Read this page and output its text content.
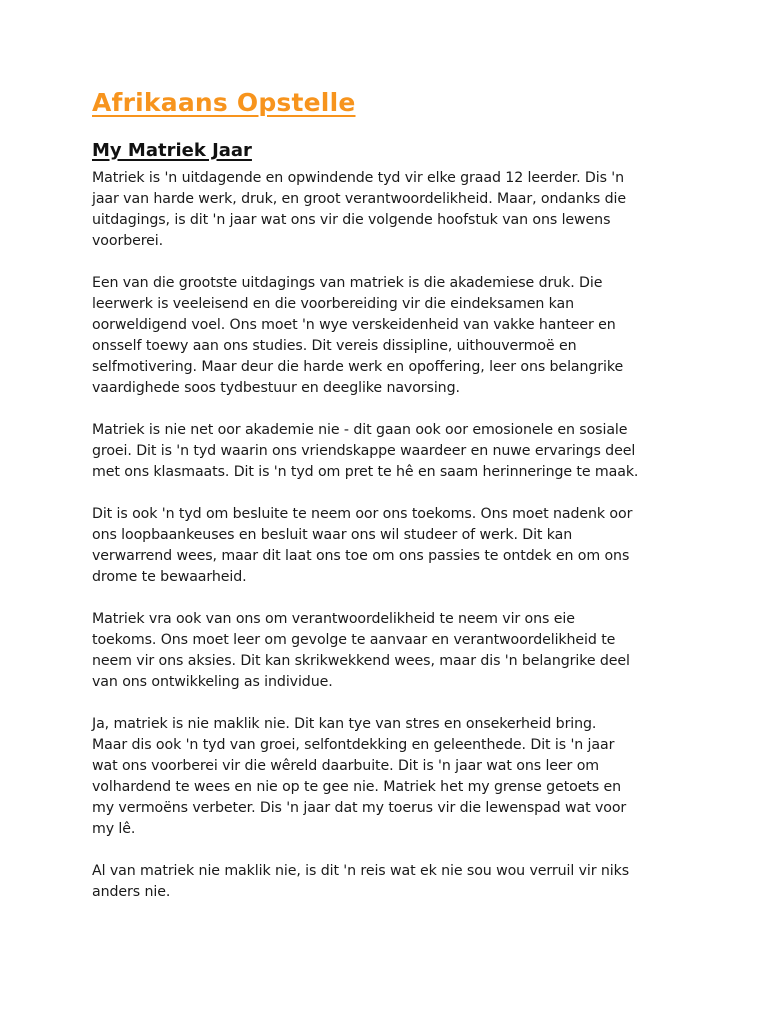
Afrikaans Opstelle
My Matriek Jaar

Matriek is 'n uitdagende en opwindende tyd vir elke graad 12 leerder. Dis 'n
jaar van harde werk, druk, en groot verantwoordelikheid. Maar, ondanks die
uitdagings, is dit 'n jaar wat ons vir die volgende hoofstuk van ons lewens
voorberei.

Een van die grootste uitdagings van matriek is die akademiese druk. Die
leerwerk is veeleisend en die voorbereiding vir die eindeksamen kan
oorweldigend voel. Ons moet 'n wye verskeidenheid van vakke hanteer en
onsself toewy aan ons studies. Dit vereis dissipline, uithouvermoë en
selfmotivering. Maar deur die harde werk en opoffering, leer ons belangrike
vaardighede soos tydbestuur en deeglike navorsing.

Matriek is nie net oor akademie nie - dit gaan ook oor emosionele en sosiale
groei. Dit is 'n tyd waarin ons vriendskappe waardeer en nuwe ervarings deel
met ons klasmaats. Dit is 'n tyd om pret te hê en saam herinneringe te maak.

Dit is ook 'n tyd om besluite te neem oor ons toekoms. Ons moet nadenk oor
ons loopbaankeuses en besluit waar ons wil studeer of werk. Dit kan
verwarrend wees, maar dit laat ons toe om ons passies te ontdek en om ons
drome te bewaarheid.

Matriek vra ook van ons om verantwoordelikheid te neem vir ons eie
toekoms. Ons moet leer om gevolge te aanvaar en verantwoordelikheid te
neem vir ons aksies. Dit kan skrikwekkend wees, maar dis 'n belangrike deel
van ons ontwikkeling as individue.

Ja, matriek is nie maklik nie. Dit kan tye van stres en onsekerheid bring.
Maar dis ook 'n tyd van groei, selfontdekking en geleenthede. Dit is 'n jaar
wat ons voorberei vir die wêreld daarbuite. Dit is 'n jaar wat ons leer om
volhardend te wees en nie op te gee nie. Matriek het my grense getoets en
my vermoëns verbeter. Dis 'n jaar dat my toerus vir die lewenspad wat voor
my lê.

Al van matriek nie maklik nie, is dit 'n reis wat ek nie sou wou verruil vir niks
anders nie.
